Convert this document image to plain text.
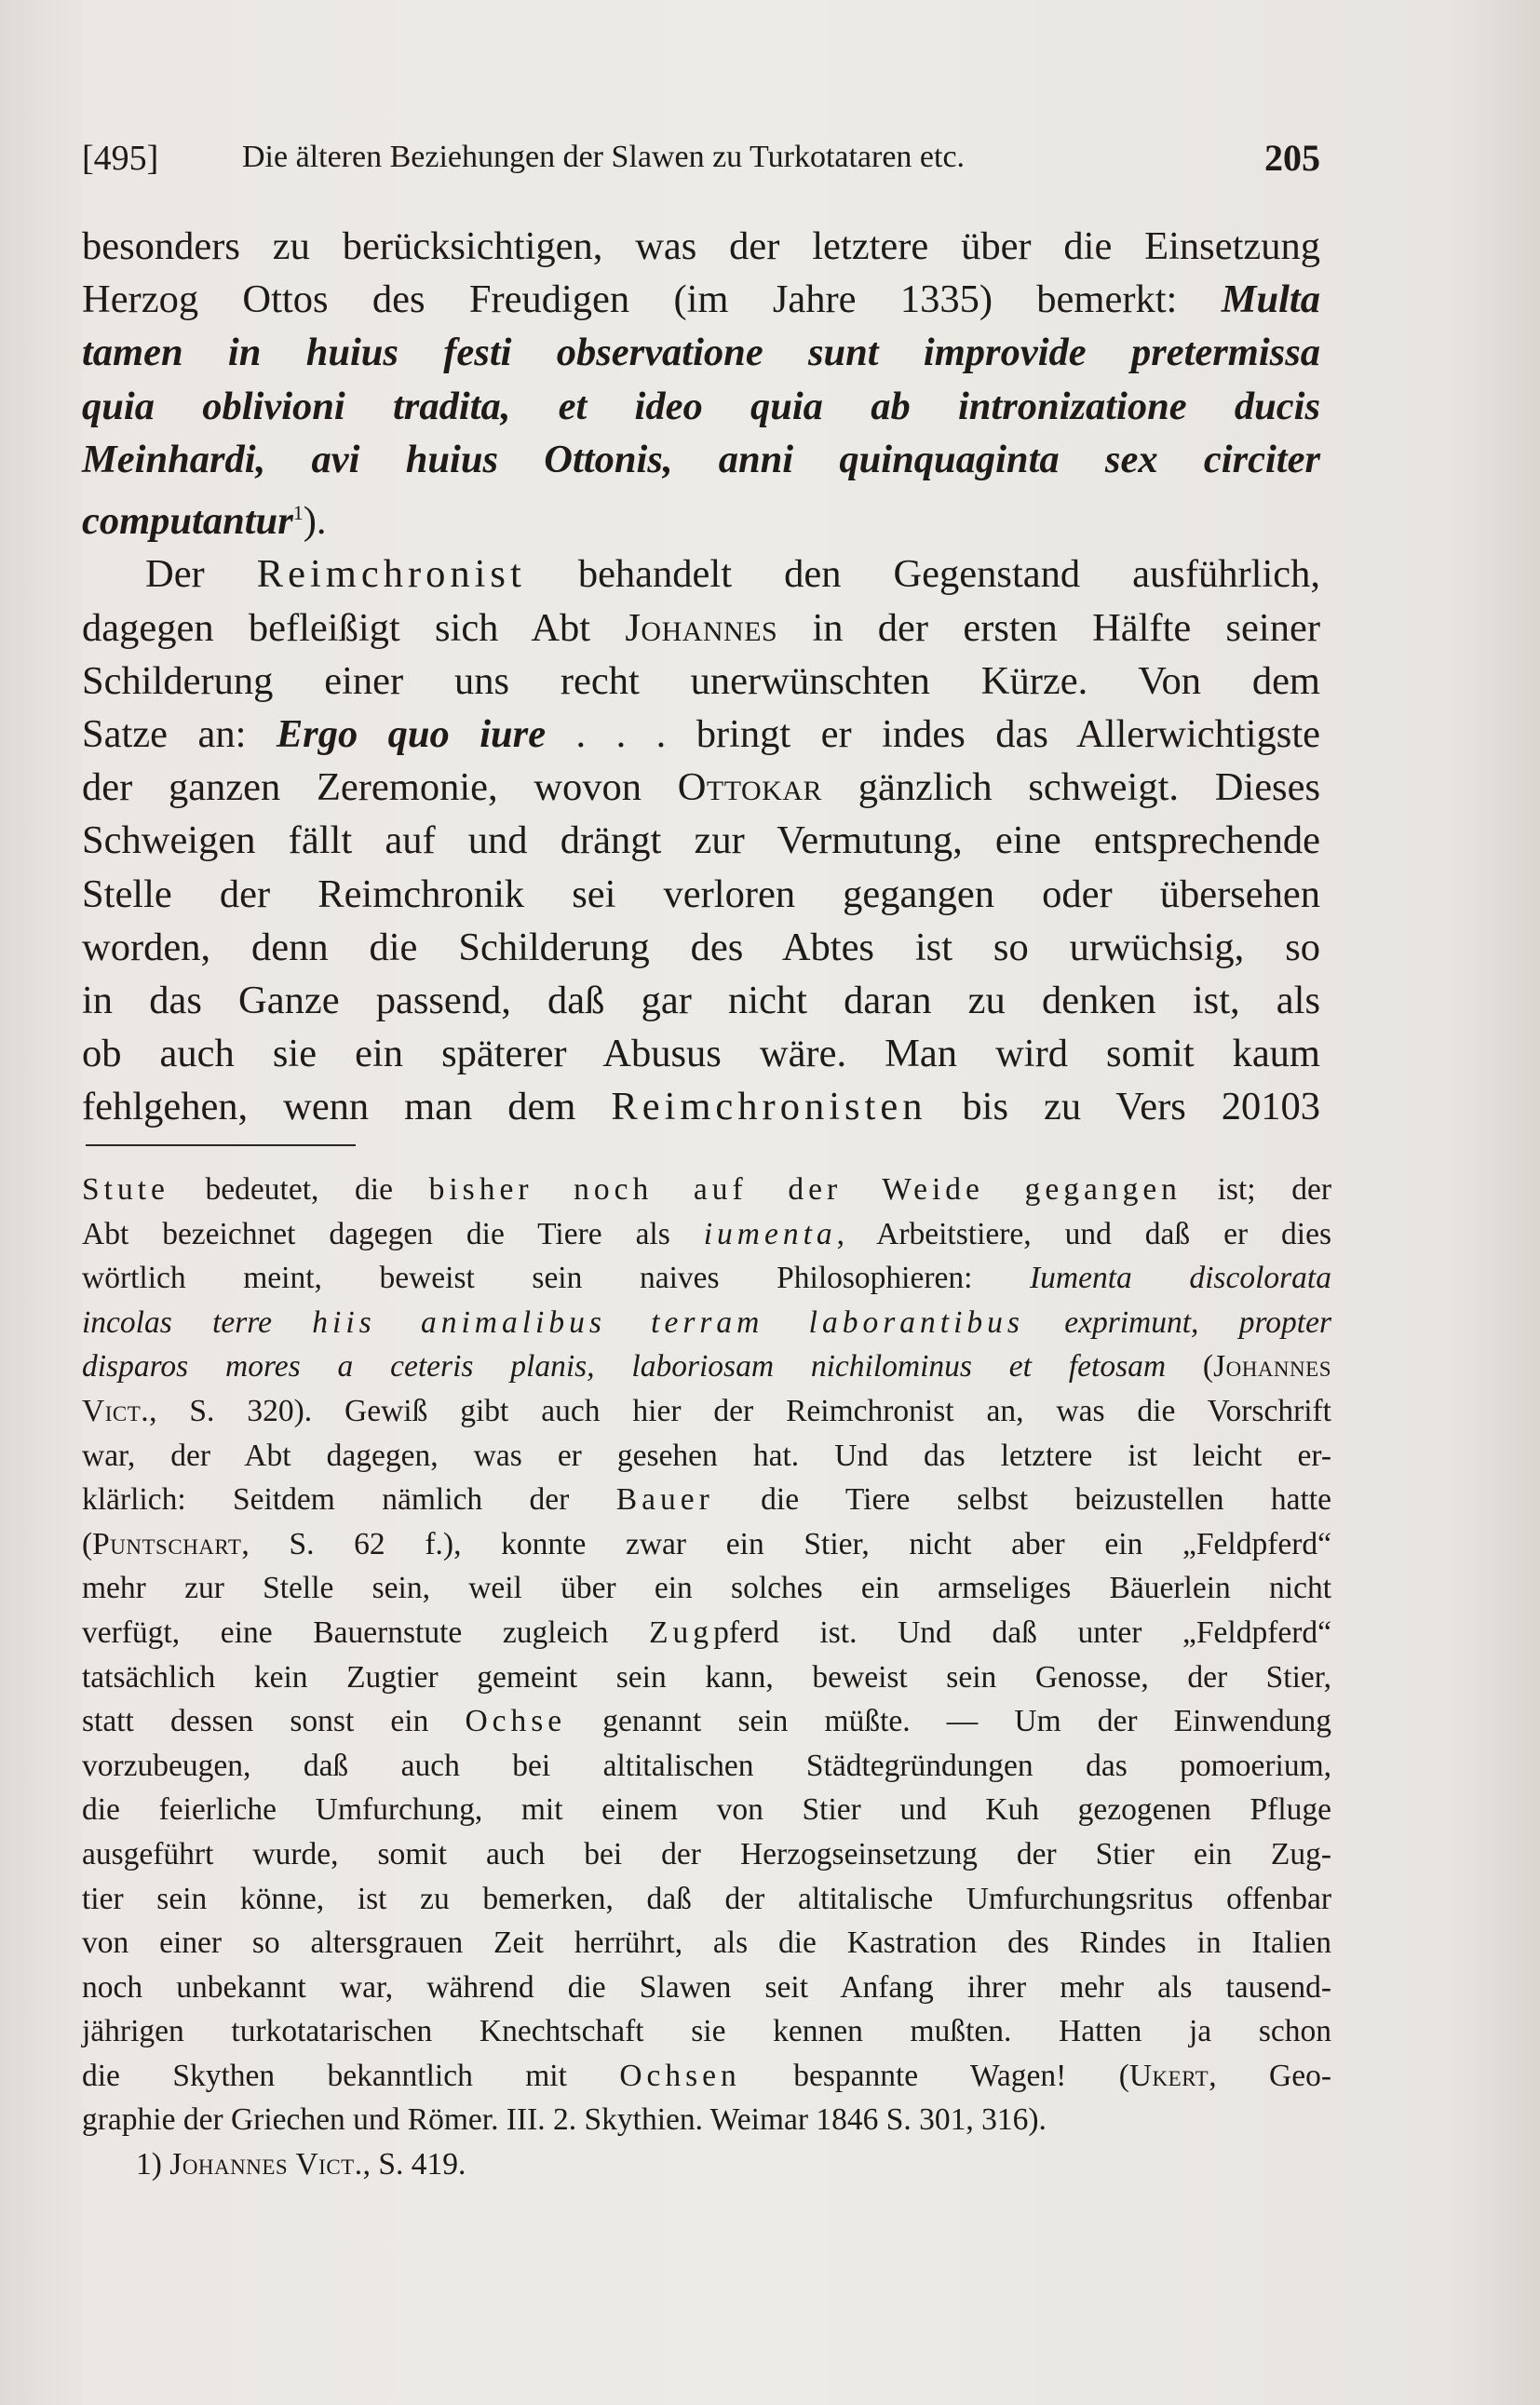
[495]	Die älteren Beziehungen der Slawen zu Turkotataren etc.	205
besonders zu berücksichtigen, was der letztere über die Einsetzung
Herzog Ottos des Freudigen (im Jahre 1335) bemerkt: Multa
tamen in huius festi observatione sunt improvide pretermissa
quia oblivioni tradita, et ideo quia ab intronizatione ducis
Meinhardi, avi huius Ottonis, anni quinquaginta sex circiter
computantur$^1$).
Der Reimchronist behandelt den Gegenstand ausführlich,
dagegen befleißigt sich Abt Johannes in der ersten Hälfte seiner
Schilderung einer uns recht unerwünschten Kürze. Von dem
Satze an: Ergo quo iure . . . bringt er indes das Allerwichtigste
der ganzen Zeremonie, wovon Ottokar gänzlich schweigt. Dieses
Schweigen fällt auf und drängt zur Vermutung, eine entsprechende
Stelle der Reimchronik sei verloren gegangen oder übersehen
worden, denn die Schilderung des Abtes ist so urwüchsig, so
in das Ganze passend, daß gar nicht daran zu denken ist, als
ob auch sie ein späterer Abusus wäre. Man wird somit kaum
fehlgehen, wenn man dem Reimchronisten bis zu Vers 20103
Stute bedeutet, die bisher noch auf der Weide gegangen ist; der
Abt bezeichnet dagegen die Tiere als iumenta, Arbeitstiere, und daß er dies
wörtlich meint, beweist sein naives Philosophieren: Iumenta discolorata
incolas terre hiis animalibus terram laborantibus exprimunt, propter
disparos mores a ceteris planis, laboriosam nichilominus et fetosam (Johannes
Vict., S. 320). Gewiß gibt auch hier der Reimchronist an, was die Vorschrift
war, der Abt dagegen, was er gesehen hat. Und das letztere ist leicht er-
klärlich: Seitdem nämlich der Bauer die Tiere selbst beizustellen hatte
(Puntschart, S. 62 f.), konnte zwar ein Stier, nicht aber ein „Feldpferd“
mehr zur Stelle sein, weil über ein solches ein armseliges Bäuerlein nicht
verfügt, eine Bauernstute zugleich Zugpferd ist. Und daß unter „Feldpferd“
tatsächlich kein Zugtier gemeint sein kann, beweist sein Genosse, der Stier,
statt dessen sonst ein Ochse genannt sein müßte. — Um der Einwendung
vorzubeugen, daß auch bei altitalischen Städtegründungen das pomoerium,
die feierliche Umfurchung, mit einem von Stier und Kuh gezogenen Pfluge
ausgeführt wurde, somit auch bei der Herzogseinsetzung der Stier ein Zug-
tier sein könne, ist zu bemerken, daß der altitalische Umfurchungsritus offenbar
von einer so altersgrauen Zeit herrührt, als die Kastration des Rindes in Italien
noch unbekannt war, während die Slawen seit Anfang ihrer mehr als tausend-
jährigen turkotatarischen Knechtschaft sie kennen mußten. Hatten ja schon
die Skythen bekanntlich mit Ochsen bespannte Wagen! (Ukert, Geo-
graphie der Griechen und Römer. III. 2. Skythien. Weimar 1846 S. 301, 316).
1) Johannes Vict., S. 419.
